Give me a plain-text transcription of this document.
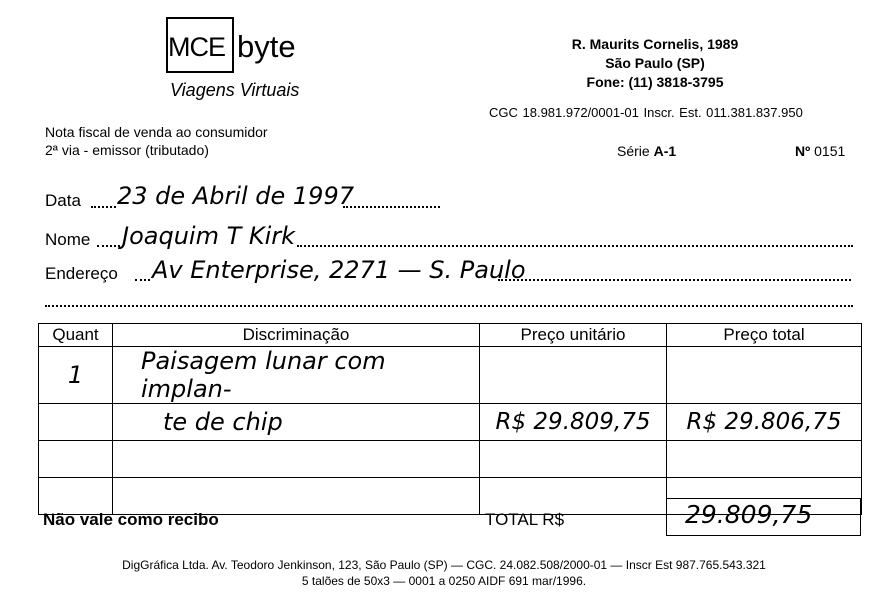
MCE byte
Viagens Virtuais
R. Maurits Cornelis, 1989
São Paulo (SP)
Fone: (11) 3818-3795
CGC 18.981.972/0001-01 Inscr. Est. 011.381.837.950
Nota fiscal de venda ao consumidor
2ª via - emissor (tributado)	Série A-1	Nº 0151
Data 23 de Abril de 1997
Nome Joaquim T Kirk
Endereço Av Enterprise, 2271 — S. Paulo
Quant	Discriminação	Preço unitário	Preço total
1	Paisagem lunar com implan-		
	te de chip	R$ 29.809,75	R$ 29.806,75

Não vale como recibo	TOTAL R$	29.809,75
DigGráfica Ltda. Av. Teodoro Jenkinson, 123, São Paulo (SP) — CGC. 24.082.508/2000-01 — Inscr Est 987.765.543.321
5 talões de 50x3 — 0001 a 0250 AIDF 691 mar/1996.
